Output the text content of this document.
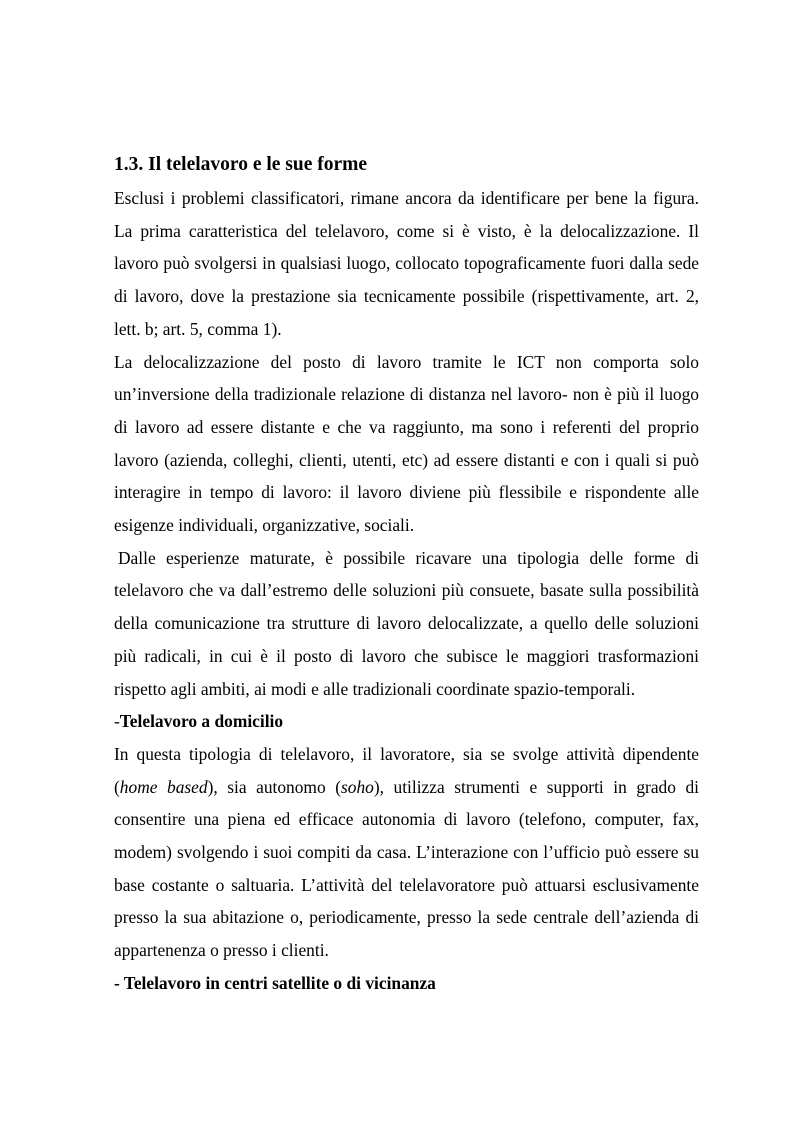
1.3. Il telelavoro e le sue forme

Esclusi i problemi classificatori, rimane ancora da identificare per bene la figura. La prima caratteristica del telelavoro, come si è visto, è la delocalizzazione. Il lavoro può svolgersi in qualsiasi luogo, collocato topograficamente fuori dalla sede di lavoro, dove la prestazione sia tecnicamente possibile (rispettivamente, art. 2, lett. b; art. 5, comma 1).

La delocalizzazione del posto di lavoro tramite le ICT non comporta solo un’inversione della tradizionale relazione di distanza nel lavoro- non è più il luogo di lavoro ad essere distante e che va raggiunto, ma sono i referenti del proprio lavoro (azienda, colleghi, clienti, utenti, etc) ad essere distanti e con i quali si può interagire in tempo di lavoro: il lavoro diviene più flessibile e rispondente alle esigenze individuali, organizzative, sociali.

Dalle esperienze maturate, è possibile ricavare una tipologia delle forme di telelavoro che va dall’estremo delle soluzioni più consuete, basate sulla possibilità della comunicazione tra strutture di lavoro delocalizzate, a quello delle soluzioni più radicali, in cui è il posto di lavoro che subisce le maggiori trasformazioni rispetto agli ambiti, ai modi e alle tradizionali coordinate spazio-temporali.

-Telelavoro a domicilio

In questa tipologia di telelavoro, il lavoratore, sia se svolge attività dipendente (home based), sia autonomo (soho), utilizza strumenti e supporti in grado di consentire una piena ed efficace autonomia di lavoro (telefono, computer, fax, modem) svolgendo i suoi compiti da casa. L’interazione con l’ufficio può essere su base costante o saltuaria. L’attività del telelavoratore può attuarsi esclusivamente presso la sua abitazione o, periodicamente, presso la sede centrale dell’azienda di appartenenza o presso i clienti.

- Telelavoro in centri satellite o di vicinanza
